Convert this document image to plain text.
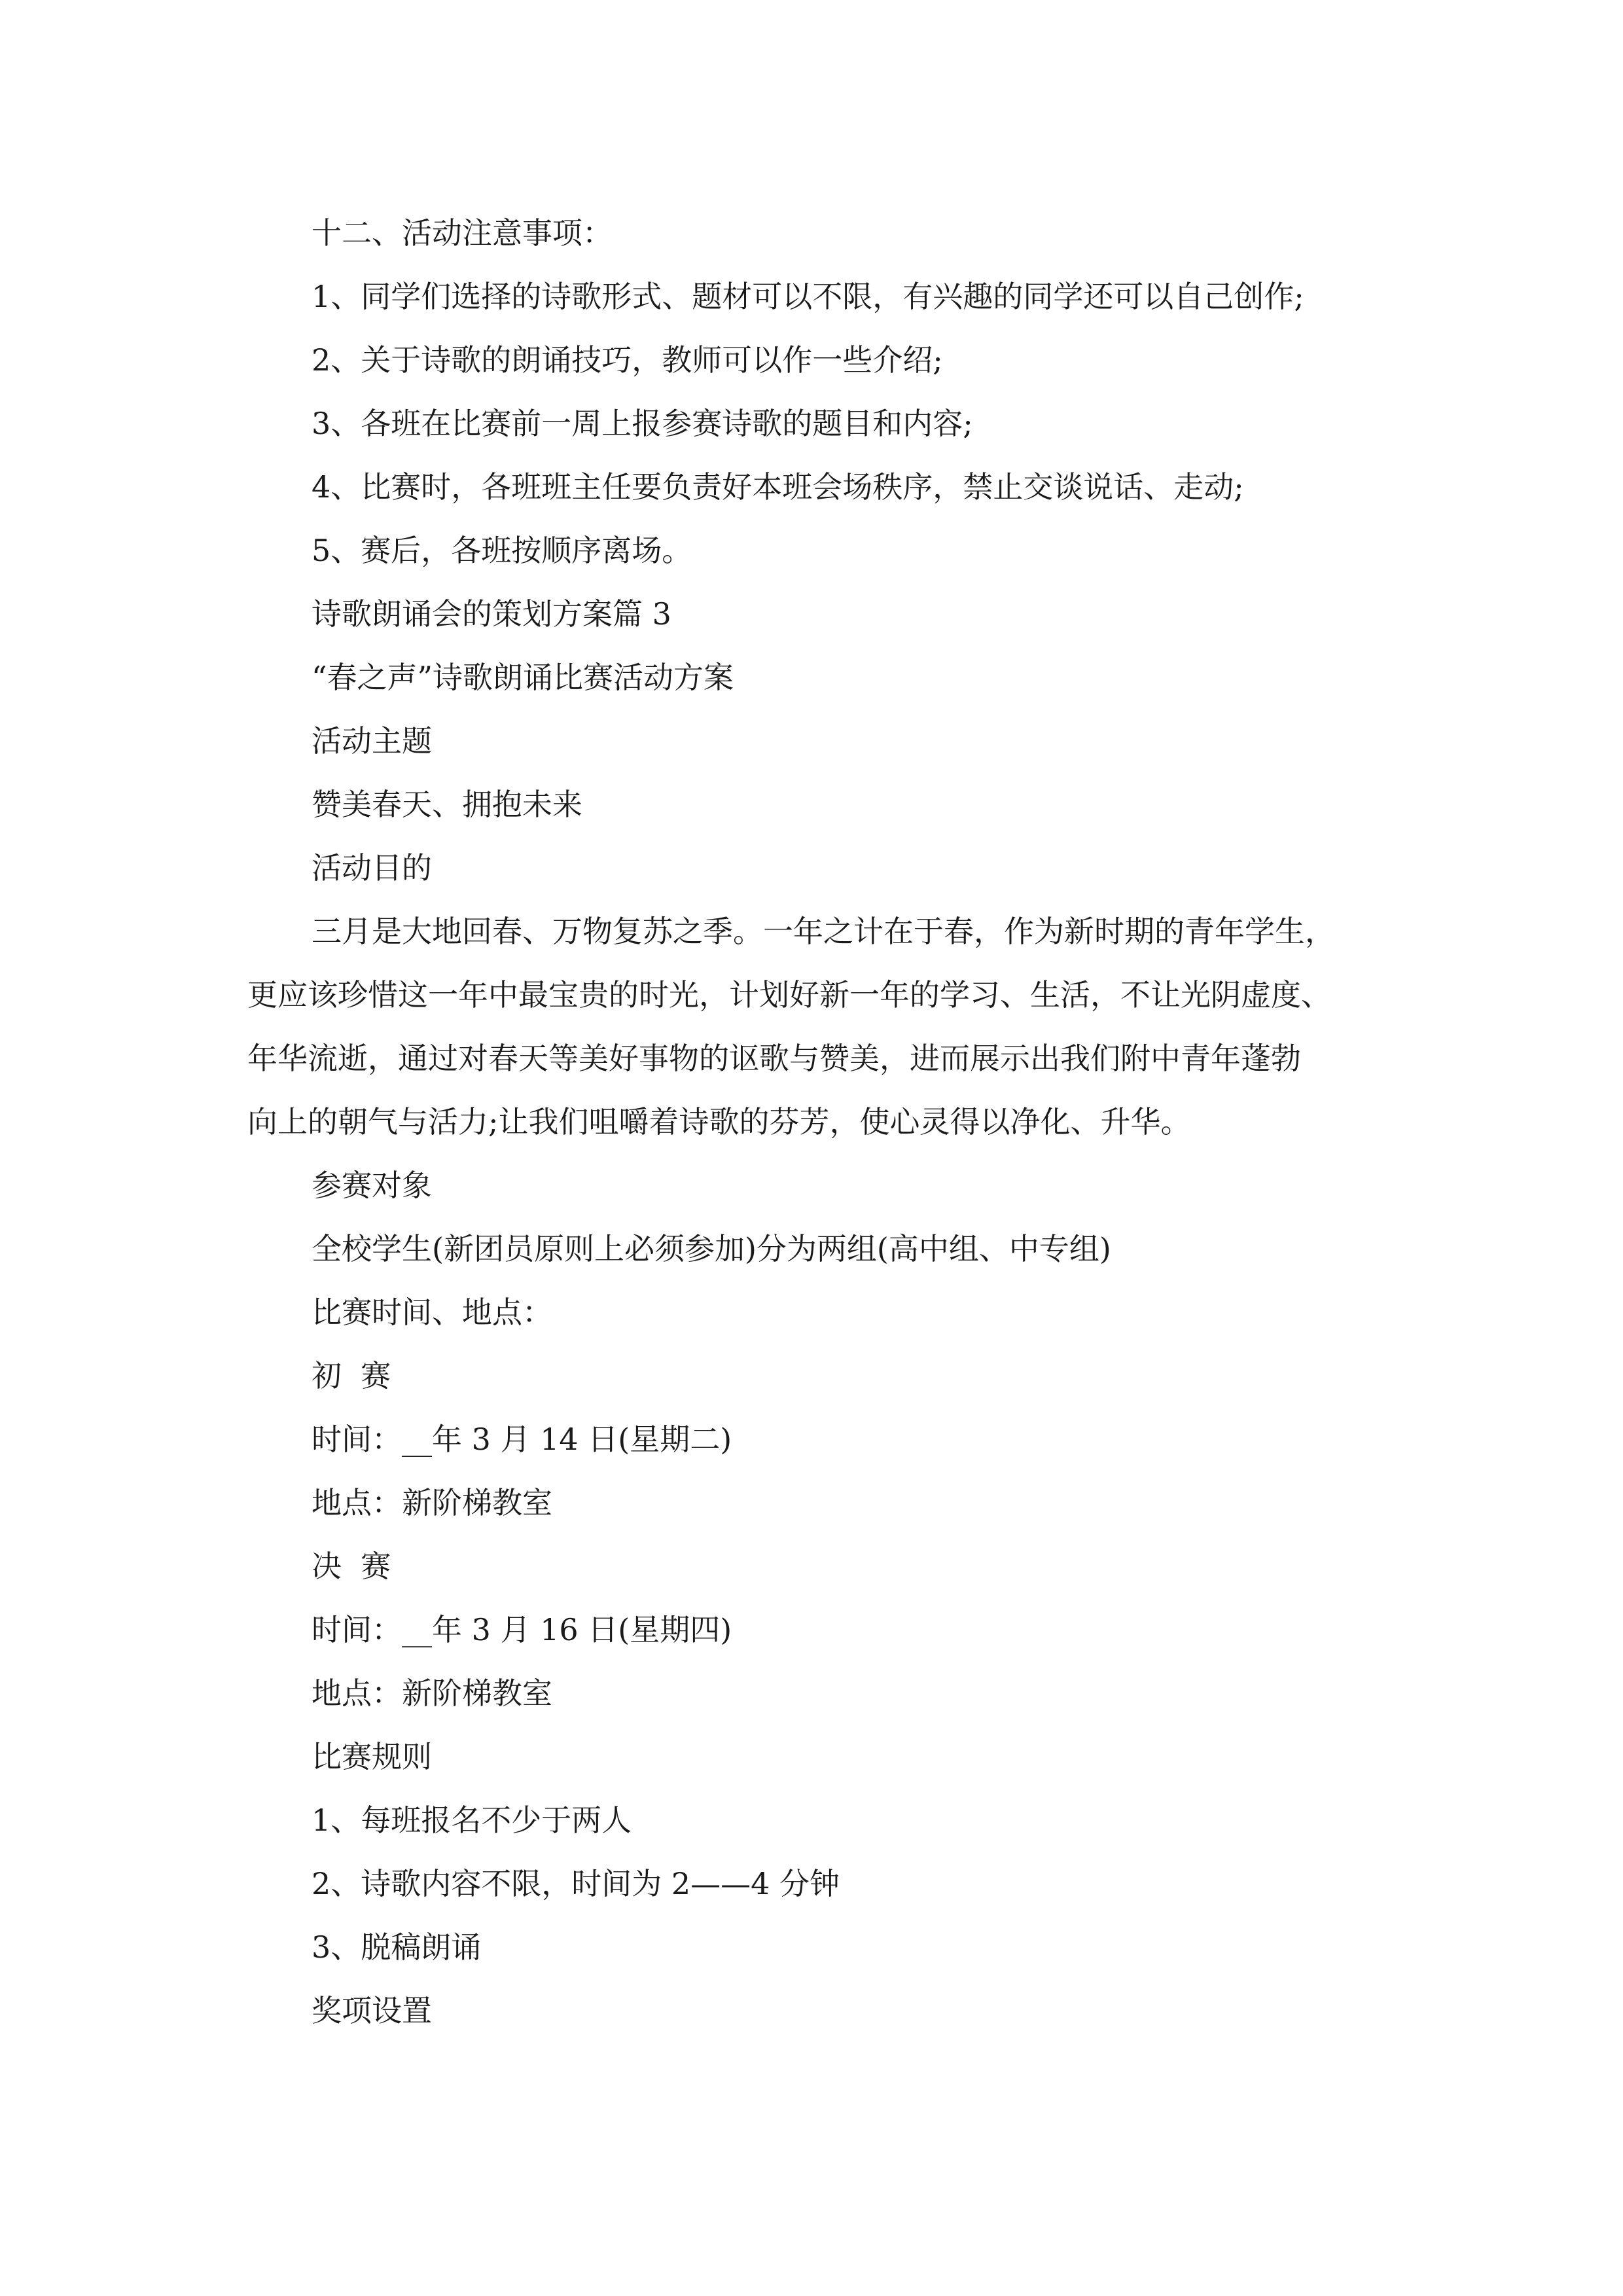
十二、活动注意事项：
1、同学们选择的诗歌形式、题材可以不限，有兴趣的同学还可以自己创作;
2、关于诗歌的朗诵技巧，教师可以作一些介绍;
3、各班在比赛前一周上报参赛诗歌的题目和内容;
4、比赛时，各班班主任要负责好本班会场秩序，禁止交谈说话、走动;
5、赛后，各班按顺序离场。
诗歌朗诵会的策划方案篇 3
“春之声”诗歌朗诵比赛活动方案
活动主题
赞美春天、拥抱未来
活动目的
三月是大地回春、万物复苏之季。一年之计在于春，作为新时期的青年学生，
更应该珍惜这一年中最宝贵的时光，计划好新一年的学习、生活，不让光阴虚度、
年华流逝，通过对春天等美好事物的讴歌与赞美，进而展示出我们附中青年蓬勃
向上的朝气与活力;让我们咀嚼着诗歌的芬芳，使心灵得以净化、升华。
参赛对象
全校学生(新团员原则上必须参加)分为两组(高中组、中专组)
比赛时间、地点：
初  赛
时间：__年 3 月 14 日(星期二)
地点：新阶梯教室
决  赛
时间：__年 3 月 16 日(星期四)
地点：新阶梯教室
比赛规则
1、每班报名不少于两人
2、诗歌内容不限，时间为 2——4 分钟
3、脱稿朗诵
奖项设置
